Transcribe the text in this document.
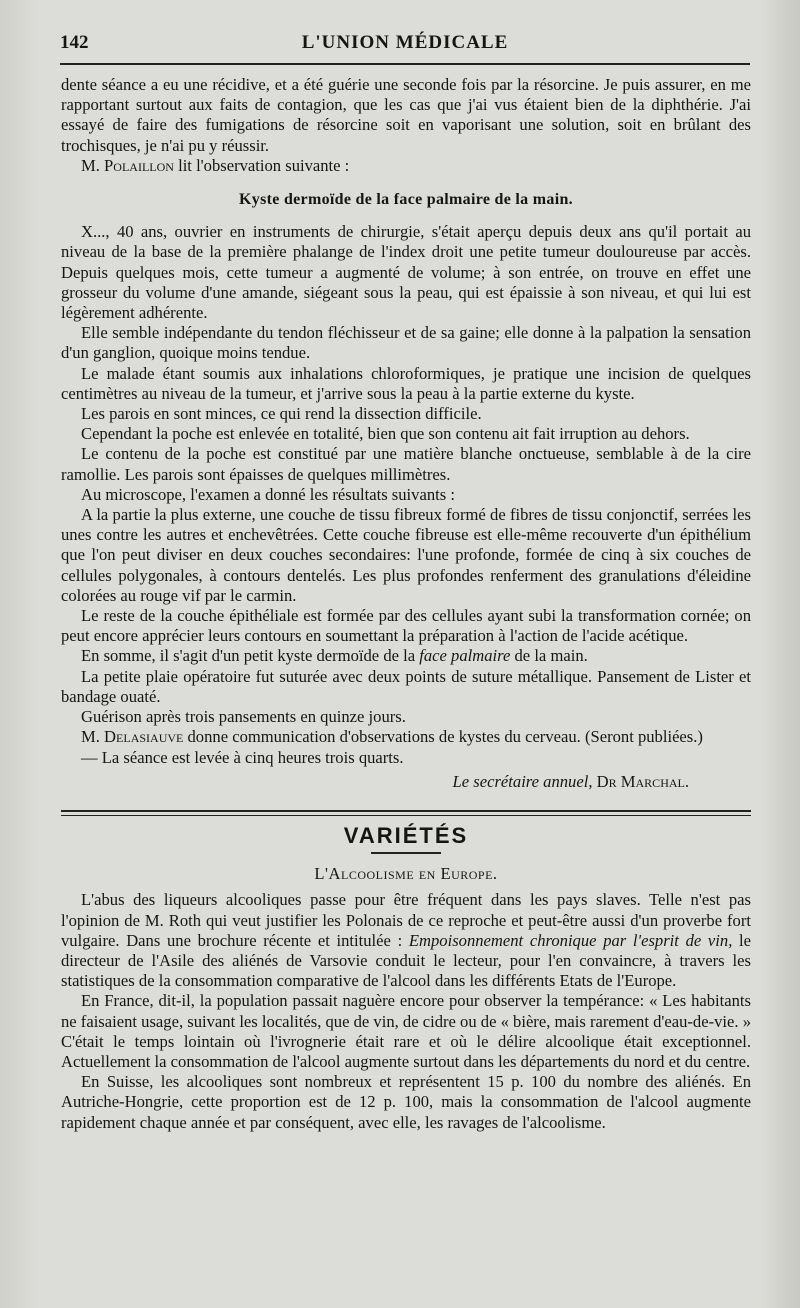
142	L'UNION MÉDICALE

dente séance a eu une récidive, et a été guérie une seconde fois par la résorcine. Je puis assurer, en me rapportant surtout aux faits de contagion, que les cas que j'ai vus étaient bien de la diphthérie. J'ai essayé de faire des fumigations de résorcine soit en vaporisant une solution, soit en brûlant des trochisques, je n'ai pu y réussir.

M. Polaillon lit l'observation suivante :

Kyste dermoïde de la face palmaire de la main.

X..., 40 ans, ouvrier en instruments de chirurgie, s'était aperçu depuis deux ans qu'il portait au niveau de la base de la première phalange de l'index droit une petite tumeur douloureuse par accès. Depuis quelques mois, cette tumeur a augmenté de volume; à son entrée, on trouve en effet une grosseur du volume d'une amande, siégeant sous la peau, qui est épaissie à son niveau, et qui lui est légèrement adhérente.

Elle semble indépendante du tendon fléchisseur et de sa gaine; elle donne à la palpation la sensation d'un ganglion, quoique moins tendue.

Le malade étant soumis aux inhalations chloroformiques, je pratique une incision de quelques centimètres au niveau de la tumeur, et j'arrive sous la peau à la partie externe du kyste.

Les parois en sont minces, ce qui rend la dissection difficile.

Cependant la poche est enlevée en totalité, bien que son contenu ait fait irruption au dehors.

Le contenu de la poche est constitué par une matière blanche onctueuse, semblable à de la cire ramollie. Les parois sont épaisses de quelques millimètres.

Au microscope, l'examen a donné les résultats suivants :

A la partie la plus externe, une couche de tissu fibreux formé de fibres de tissu conjonctif, serrées les unes contre les autres et enchevêtrées. Cette couche fibreuse est elle-même recouverte d'un épithélium que l'on peut diviser en deux couches secondaires: l'une profonde, formée de cinq à six couches de cellules polygonales, à contours dentelés. Les plus profondes renferment des granulations d'éleidine colorées au rouge vif par le carmin.

Le reste de la couche épithéliale est formée par des cellules ayant subi la transformation cornée; on peut encore apprécier leurs contours en soumettant la préparation à l'action de l'acide acétique.

En somme, il s'agit d'un petit kyste dermoïde de la face palmaire de la main.

La petite plaie opératoire fut suturée avec deux points de suture métallique. Pansement de Lister et bandage ouaté.

Guérison après trois pansements en quinze jours.

M. Delasiauve donne communication d'observations de kystes du cerveau. (Seront publiées.)

— La séance est levée à cinq heures trois quarts.

Le secrétaire annuel, Dr Marchal.

VARIÉTÉS

L'Alcoolisme en Europe.

L'abus des liqueurs alcooliques passe pour être fréquent dans les pays slaves. Telle n'est pas l'opinion de M. Roth qui veut justifier les Polonais de ce reproche et peut-être aussi d'un proverbe fort vulgaire. Dans une brochure récente et intitulée : Empoisonnement chronique par l'esprit de vin, le directeur de l'Asile des aliénés de Varsovie conduit le lecteur, pour l'en convaincre, à travers les statistiques de la consommation comparative de l'alcool dans les différents Etats de l'Europe.

En France, dit-il, la population passait naguère encore pour observer la tempérance: « Les habitants ne faisaient usage, suivant les localités, que de vin, de cidre ou de « bière, mais rarement d'eau-de-vie. » C'était le temps lointain où l'ivrognerie était rare et où le délire alcoolique était exceptionnel. Actuellement la consommation de l'alcool augmente surtout dans les départements du nord et du centre.

En Suisse, les alcooliques sont nombreux et représentent 15 p. 100 du nombre des aliénés. En Autriche-Hongrie, cette proportion est de 12 p. 100, mais la consommation de l'alcool augmente rapidement chaque année et par conséquent, avec elle, les ravages de l'alcoolisme.
